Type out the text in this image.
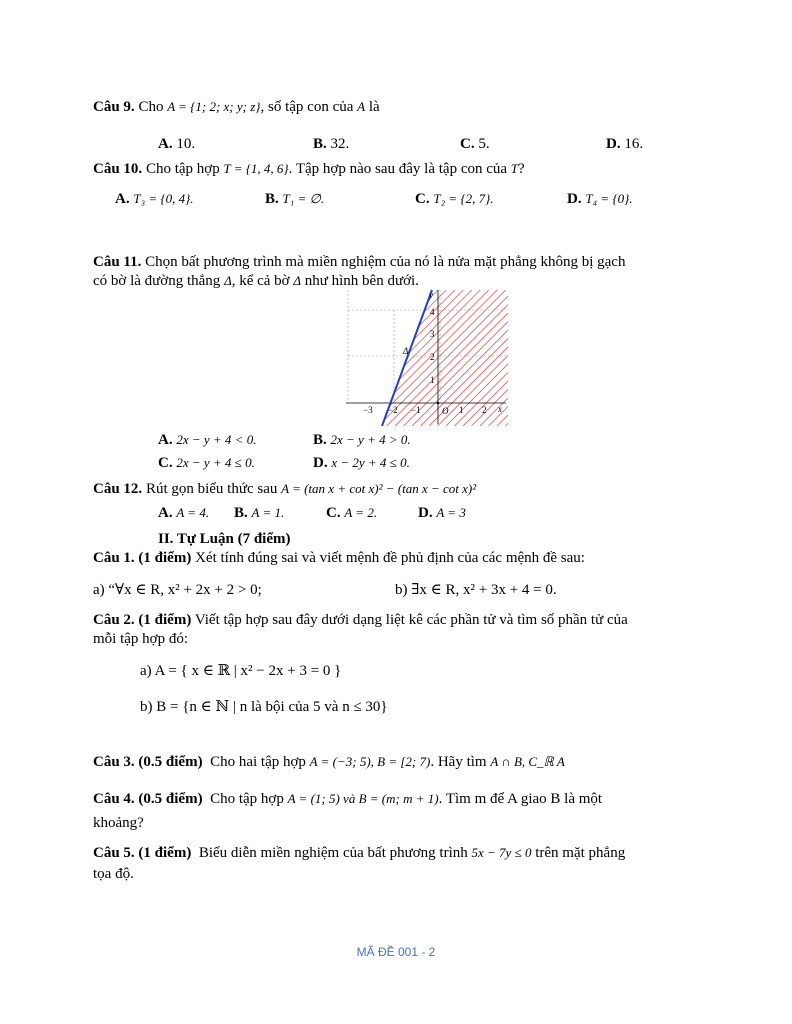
Câu 9. Cho A = {1; 2; x; y; z}, số tập con của A là
A. 10.	B. 32.	C. 5.	D. 16.
Câu 10. Cho tập hợp T = {1, 4, 6}. Tập hợp nào sau đây là tập con của T?
A. T₃ = {0, 4}.	B. T₁ = ∅.	C. T₂ = {2, 7}.	D. T₄ = {0}.
Câu 11. Chọn bất phương trình mà miền nghiệm của nó là nửa mặt phẳng không bị gạch
có bờ là đường thẳng Δ, kể cả bờ Δ như hình bên dưới.
y
x
O
Δ
−3 −2 −1	1 2
1
2
3
4
A. 2x − y + 4 < 0.	B. 2x − y + 4 > 0.
C. 2x − y + 4 ≤ 0.	D. x − 2y + 4 ≤ 0.
Câu 12. Rút gọn biểu thức sau A = (tan x + cot x)² − (tan x − cot x)²
A. A = 4. B. A = 1.	C. A = 2.	D. A = 3
II. Tự Luận (7 điểm)
Câu 1. (1 điểm) Xét tính đúng sai và viết mệnh đề phủ định của các mệnh đề sau:
a) “∀x ∈ R, x² + 2x + 2 > 0;	b) ∃x ∈ R, x² + 3x + 4 = 0.
Câu 2. (1 điểm) Viết tập hợp sau đây dưới dạng liệt kê các phần tử và tìm số phần tử của
mỗi tập hợp đó:
a) A = { x ∈ ℝ | x² − 2x + 3 = 0 }
b) B = {n ∈ ℕ | n là bội của 5 và n ≤ 30}
Câu 3. (0.5 điểm) Cho hai tập hợp A = (−3; 5), B = [2; 7). Hãy tìm A ∩ B, C_ℝ A
Câu 4. (0.5 điểm) Cho tập hợp A = (1; 5) và B = (m; m + 1). Tìm m để A giao B là một
khoảng?
Câu 5. (1 điểm) Biểu diễn miền nghiệm của bất phương trình 5x − 7y ≤ 0 trên mặt phẳng
tọa độ.
MÃ ĐỀ 001 - 2
